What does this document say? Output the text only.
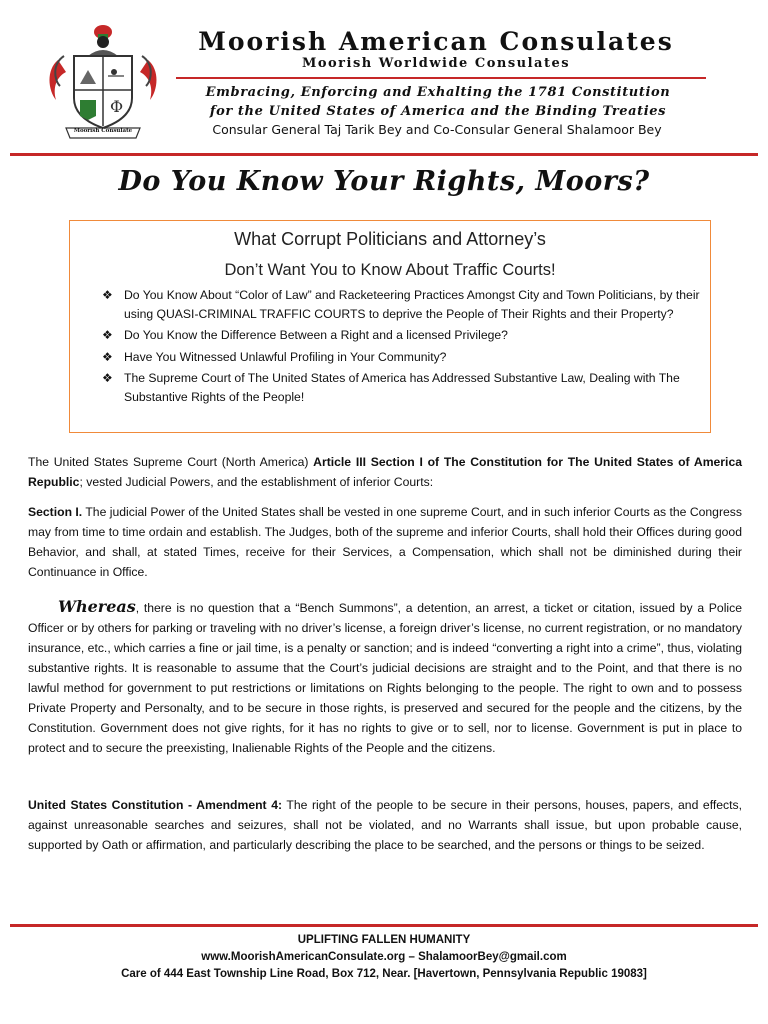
Φ
Moorish Consulate
Moorish American Consulates
Moorish Worldwide Consulates
Embracing, Enforcing and Exhalting the 1781 Constitution
for the United States of America and the Binding Treaties
Consular General Taj Tarik Bey and Co-Consular General Shalamoor Bey
Do You Know Your Rights, Moors?
What Corrupt Politicians and Attorney’s
Don’t Want You to Know About Traffic Courts!
❖ Do You Know About “Color of Law” and Racketeering Practices Amongst City and Town Politicians, by their using QUASI-CRIMINAL TRAFFIC COURTS to deprive the People of Their Rights and their Property?
❖ Do You Know the Difference Between a Right and a licensed Privilege?
❖ Have You Witnessed Unlawful Profiling in Your Community?
❖ The Supreme Court of The United States of America has Addressed Substantive Law, Dealing with The Substantive Rights of the People!

The United States Supreme Court (North America) Article III Section I of The Constitution for The United States of America Republic; vested Judicial Powers, and the establishment of inferior Courts:

Section I. The judicial Power of the United States shall be vested in one supreme Court, and in such inferior Courts as the Congress may from time to time ordain and establish. The Judges, both of the supreme and inferior Courts, shall hold their Offices during good Behavior, and shall, at stated Times, receive for their Services, a Compensation, which shall not be diminished during their Continuance in Office.

Whereas, there is no question that a “Bench Summons”, a detention, an arrest, a ticket or citation, issued by a Police Officer or by others for parking or traveling with no driver’s license, a foreign driver’s license, no current registration, or no mandatory insurance, etc., which carries a fine or jail time, is a penalty or sanction; and is indeed “converting a right into a crime”, thus, violating substantive rights. It is reasonable to assume that the Court’s judicial decisions are straight and to the Point, and that there is no lawful method for government to put restrictions or limitations on Rights belonging to the people. The right to own and to possess Private Property and Personalty, and to be secure in those rights, is preserved and secured for the people and the citizens, by the Constitution. Government does not give rights, for it has no rights to give or to sell, nor to license. Government is put in place to protect and to secure the preexisting, Inalienable Rights of the People and the citizens.

United States Constitution - Amendment 4: The right of the people to be secure in their persons, houses, papers, and effects, against unreasonable searches and seizures, shall not be violated, and no Warrants shall issue, but upon probable cause, supported by Oath or affirmation, and particularly describing the place to be searched, and the persons or things to be seized.

UPLIFTING FALLEN HUMANITY
www.MoorishAmericanConsulate.org – ShalamoorBey@gmail.com
Care of 444 East Township Line Road, Box 712, Near. [Havertown, Pennsylvania Republic 19083]
